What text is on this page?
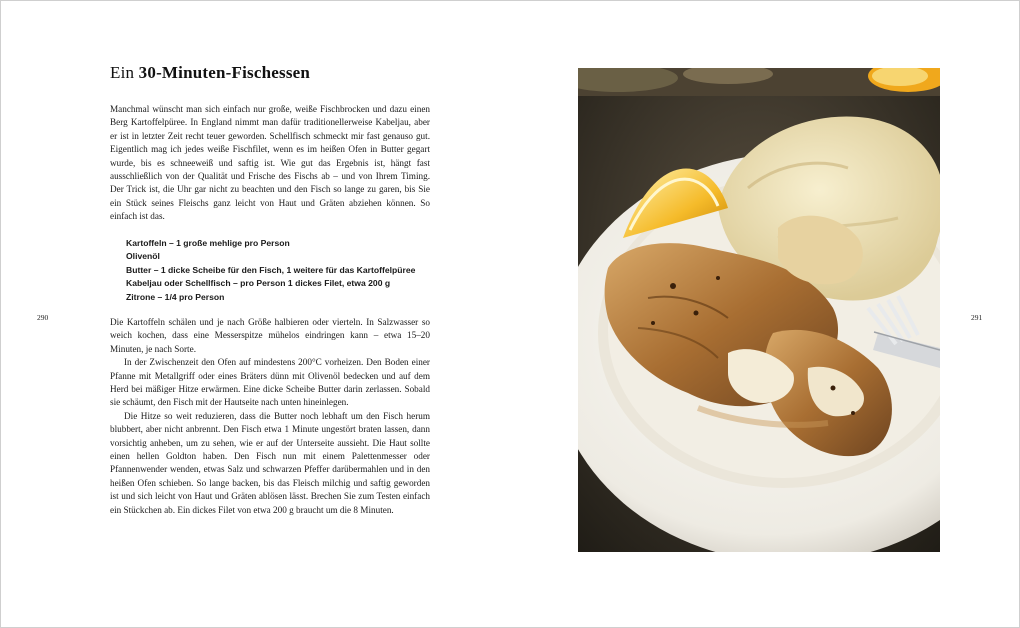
Ein 30-Minuten-Fischessen

Manchmal wünscht man sich einfach nur große, weiße Fischbrocken und dazu einen Berg Kartoffelpüree. In England nimmt man dafür traditionellerweise Kabeljau, aber er ist in letzter Zeit recht teuer geworden. Schellfisch schmeckt mir fast genauso gut. Eigentlich mag ich jedes weiße Fischfilet, wenn es im heißen Ofen in Butter gegart wurde, bis es schneeweiß und saftig ist. Wie gut das Ergebnis ist, hängt fast ausschließlich von der Qualität und Frische des Fischs ab – und von Ihrem Timing. Der Trick ist, die Uhr gar nicht zu beachten und den Fisch so lange zu garen, bis Sie ein Stück seines Fleischs ganz leicht von Haut und Gräten abziehen können. So einfach ist das.

Kartoffeln – 1 große mehlige pro Person
Olivenöl
Butter – 1 dicke Scheibe für den Fisch, 1 weitere für das Kartoffelpüree
Kabeljau oder Schellfisch – pro Person 1 dickes Filet, etwa 200 g
Zitrone – 1/4 pro Person

Die Kartoffeln schälen und je nach Größe halbieren oder vierteln. In Salzwasser so weich kochen, dass eine Messerspitze mühelos eindringen kann – etwa 15–20 Minuten, je nach Sorte.

In der Zwischenzeit den Ofen auf mindestens 200°C vorheizen. Den Boden einer Pfanne mit Metallgriff oder eines Bräters dünn mit Olivenöl bedecken und auf dem Herd bei mäßiger Hitze erwärmen. Eine dicke Scheibe Butter darin zerlassen. Sobald sie schäumt, den Fisch mit der Hautseite nach unten hineinlegen.

Die Hitze so weit reduzieren, dass die Butter noch lebhaft um den Fisch herum blubbert, aber nicht anbrennt. Den Fisch etwa 1 Minute ungestört braten lassen, dann vorsichtig anheben, um zu sehen, wie er auf der Unterseite aussieht. Die Haut sollte einen hellen Goldton haben. Den Fisch nun mit einem Palettenmesser oder Pfannenwender wenden, etwas Salz und schwarzen Pfeffer darübermahlen und in den heißen Ofen schieben. So lange backen, bis das Fleisch milchig und saftig geworden ist und sich leicht von Haut und Gräten ablösen lässt. Brechen Sie zum Testen einfach ein Stückchen ab. Ein dickes Filet von etwa 200 g braucht um die 8 Minuten.

290	291
